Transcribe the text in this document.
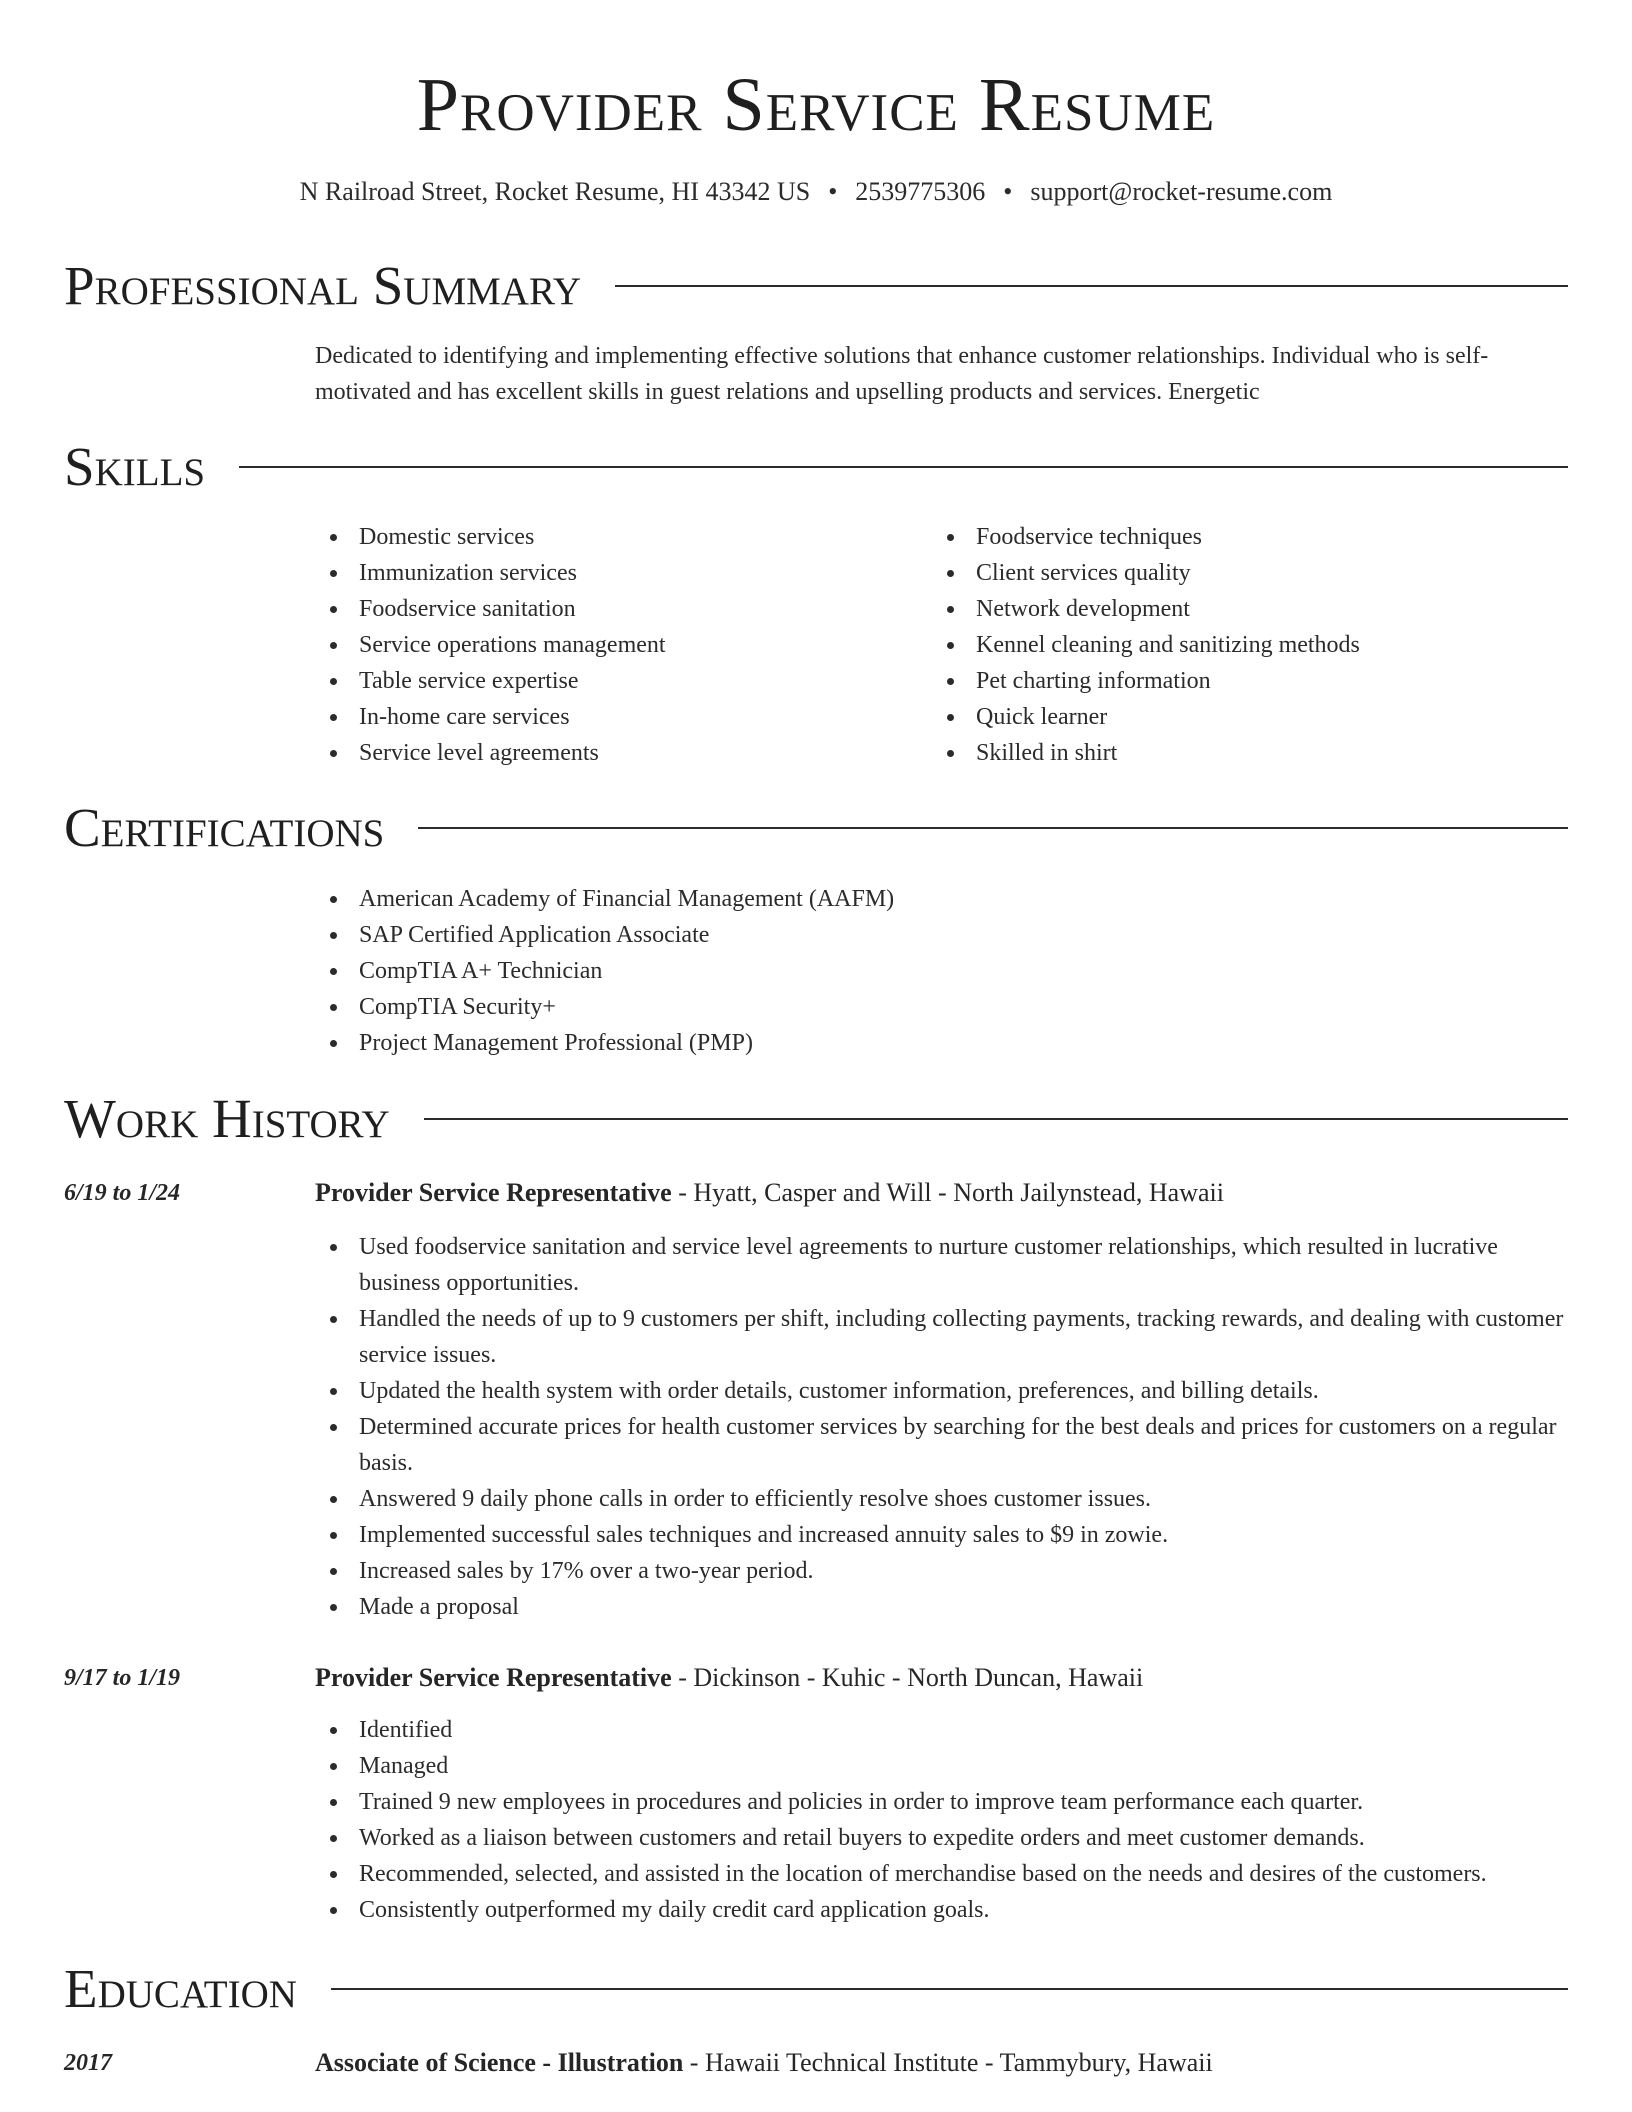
Provider Service Resume
N Railroad Street, Rocket Resume, HI 43342 US • 2539775306 • support@rocket-resume.com
Professional Summary

Dedicated to identifying and implementing effective solutions that enhance customer relationships. Individual who is self-motivated and has excellent skills in guest relations and upselling products and services. Energetic

Skills
Domestic services
Immunization services
Foodservice sanitation
Service operations management
Table service expertise
In-home care services
Service level agreements
Foodservice techniques
Client services quality
Network development
Kennel cleaning and sanitizing methods
Pet charting information
Quick learner
Skilled in shirt
Certifications
American Academy of Financial Management (AAFM)
SAP Certified Application Associate
CompTIA A+ Technician
CompTIA Security+
Project Management Professional (PMP)
Work History
6/19 to 1/24	Provider Service Representative - Hyatt, Casper and Will - North Jailynstead, Hawaii
Used foodservice sanitation and service level agreements to nurture customer relationships, which resulted in lucrative business opportunities.
Handled the needs of up to 9 customers per shift, including collecting payments, tracking rewards, and dealing with customer service issues.
Updated the health system with order details, customer information, preferences, and billing details.
Determined accurate prices for health customer services by searching for the best deals and prices for customers on a regular basis.
Answered 9 daily phone calls in order to efficiently resolve shoes customer issues.
Implemented successful sales techniques and increased annuity sales to $9 in zowie.
Increased sales by 17% over a two-year period.
Made a proposal
9/17 to 1/19	Provider Service Representative - Dickinson - Kuhic - North Duncan, Hawaii
Identified
Managed
Trained 9 new employees in procedures and policies in order to improve team performance each quarter.
Worked as a liaison between customers and retail buyers to expedite orders and meet customer demands.
Recommended, selected, and assisted in the location of merchandise based on the needs and desires of the customers.
Consistently outperformed my daily credit card application goals.
Education
2017	Associate of Science - Illustration - Hawaii Technical Institute - Tammybury, Hawaii
